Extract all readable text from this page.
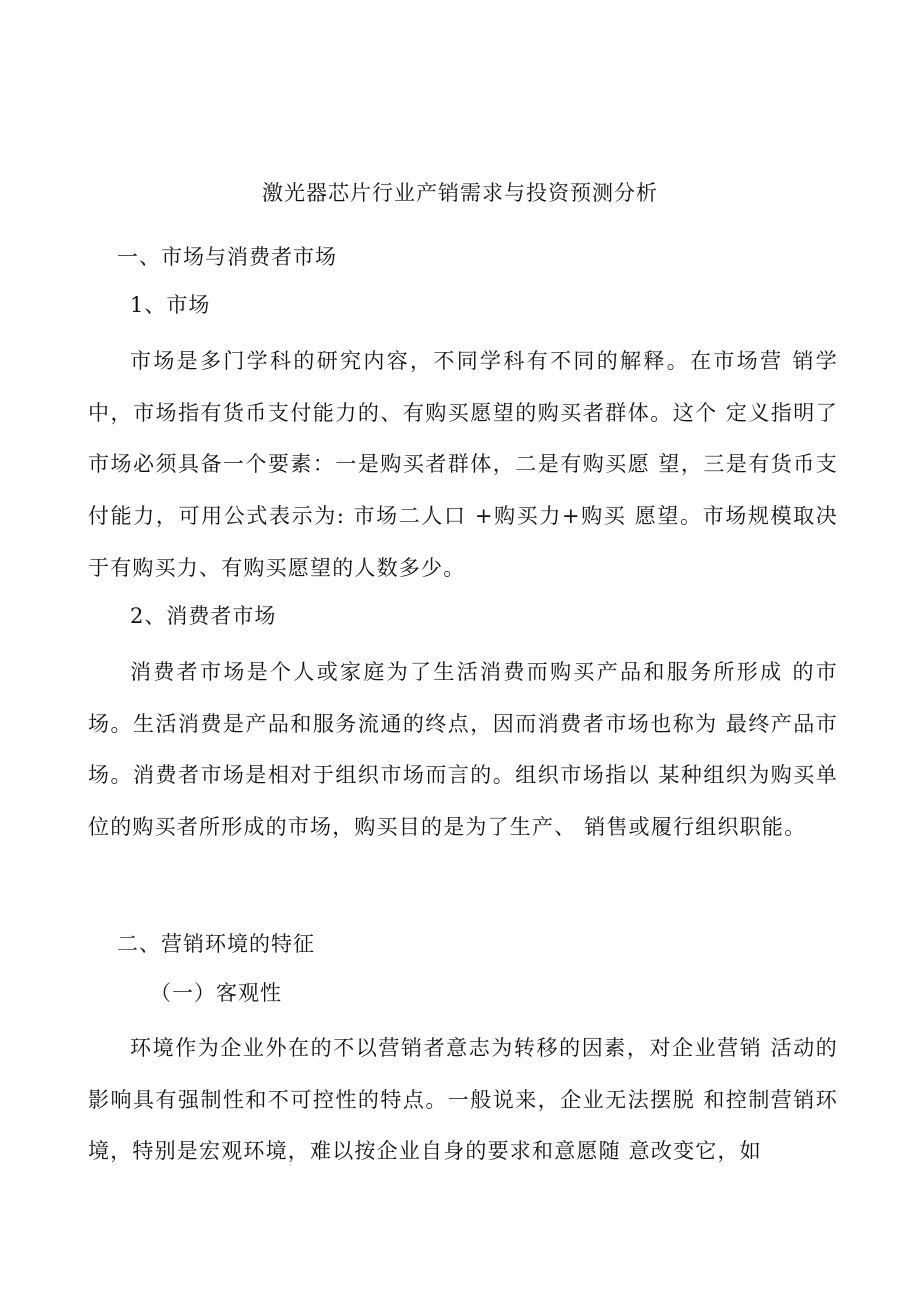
激光器芯片行业产销需求与投资预测分析
一、市场与消费者市场
1、市场

市场是多门学科的研究内容，不同学科有不同的解释。在市场营 销学中，市场指有货币支付能力的、有购买愿望的购买者群体。这个 定义指明了市场必须具备一个要素：一是购买者群体，二是有购买愿 望，三是有货币支付能力，可用公式表示为: 市场二人口 +购买力+购买 愿望。市场规模取决于有购买力、有购买愿望的人数多少。

2、消费者市场

消费者市场是个人或家庭为了生活消费而购买产品和服务所形成 的市场。生活消费是产品和服务流通的终点，因而消费者市场也称为 最终产品市场。消费者市场是相对于组织市场而言的。组织市场指以 某种组织为购买单位的购买者所形成的市场，购买目的是为了生产、 销售或履行组织职能。

二、营销环境的特征
（一）客观性

环境作为企业外在的不以营销者意志为转移的因素，对企业营销 活动的影响具有强制性和不可控性的特点。一般说来，企业无法摆脱 和控制营销环境，特别是宏观环境，难以按企业自身的要求和意愿随 意改变它，如
